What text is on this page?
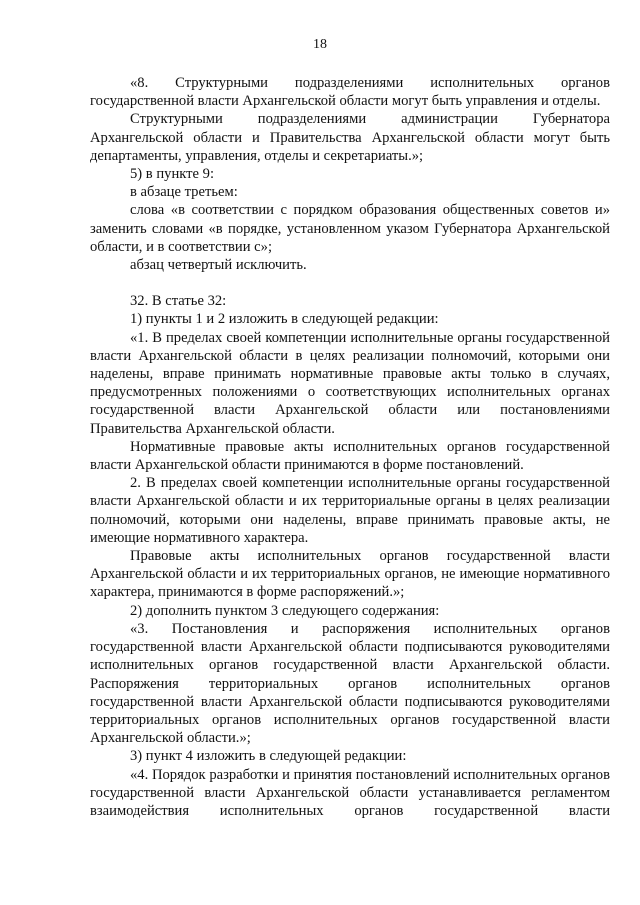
18

«8. Структурными подразделениями исполнительных органов государственной власти Архангельской области могут быть управления и отделы.

Структурными подразделениями администрации Губернатора Архангельской области и Правительства Архангельской области могут быть департаменты, управления, отделы и секретариаты.»;

5) в пункте 9:

в абзаце третьем:

слова «в соответствии с порядком образования общественных советов и» заменить словами «в порядке, установленном указом Губернатора Архангельской области, и в соответствии с»;

абзац четвертый исключить.

32. В статье 32:

1) пункты 1 и 2 изложить в следующей редакции:

«1. В пределах своей компетенции исполнительные органы государственной власти Архангельской области в целях реализации полномочий, которыми они наделены, вправе принимать нормативные правовые акты только в случаях, предусмотренных положениями о соответствующих исполнительных органах государственной власти Архангельской области или постановлениями Правительства Архангельской области.

Нормативные правовые акты исполнительных органов государственной власти Архангельской области принимаются в форме постановлений.

2. В пределах своей компетенции исполнительные органы государственной власти Архангельской области и их территориальные органы в целях реализации полномочий, которыми они наделены, вправе принимать правовые акты, не имеющие нормативного характера.

Правовые акты исполнительных органов государственной власти Архангельской области и их территориальных органов, не имеющие нормативного характера, принимаются в форме распоряжений.»;

2) дополнить пунктом 3 следующего содержания:

«3. Постановления и распоряжения исполнительных органов государственной власти Архангельской области подписываются руководителями исполнительных органов государственной власти Архангельской области. Распоряжения территориальных органов исполнительных органов государственной власти Архангельской области подписываются руководителями территориальных органов исполнительных органов государственной власти Архангельской области.»;

3) пункт 4 изложить в следующей редакции:

«4. Порядок разработки и принятия постановлений исполнительных органов государственной власти Архангельской области устанавливается регламентом взаимодействия исполнительных органов государственной власти
